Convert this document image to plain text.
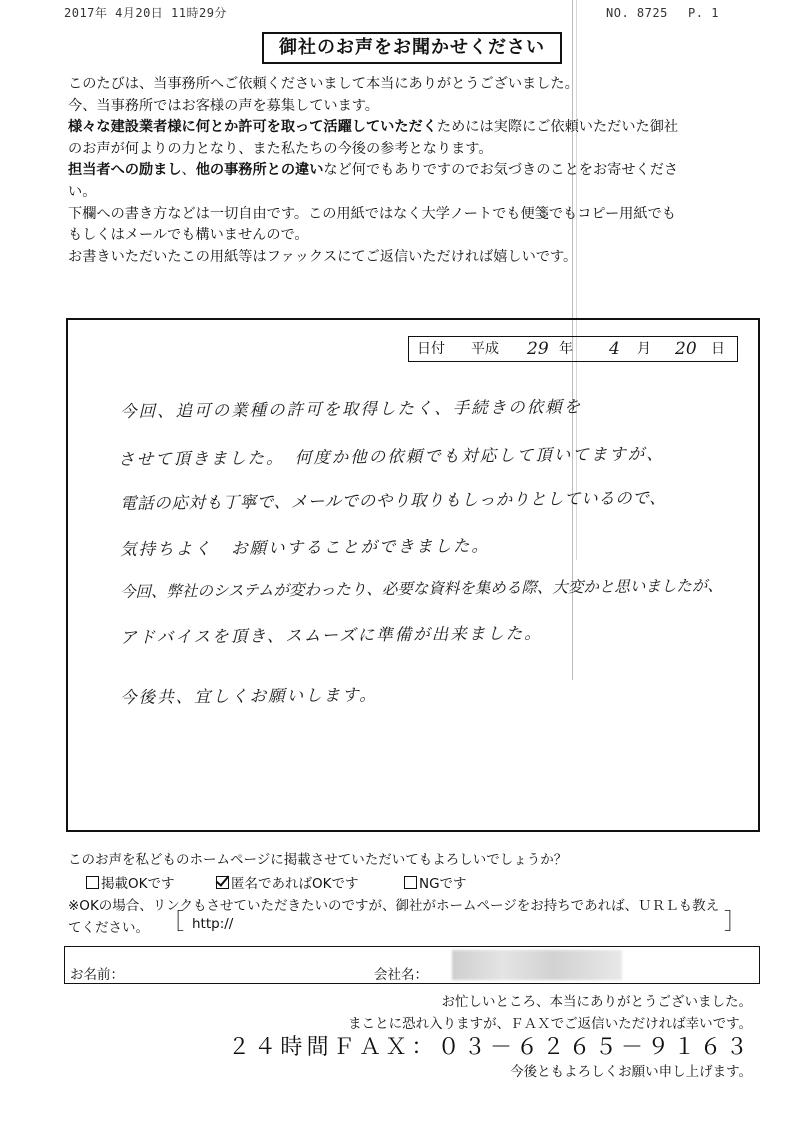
2017年 4月20日 11時29分	NO. 8725　 P. 1
御社のお声をお聞かせください

このたびは、当事務所へご依頼くださいまして本当にありがとうございました。

今、当事務所ではお客様の声を募集しています。

様々な建設業者様に何とか許可を取って活躍していただくためには実際にご依頼いただいた御社

のお声が何よりの力となり、また私たちの今後の参考となります。

担当者への励まし、他の事務所との違いなど何でもありですのでお気づきのことをお寄せくださ

い。

下欄への書き方などは一切自由です。この用紙ではなく大学ノートでも便箋でもコピー用紙でも

もしくはメールでも構いませんので。

お書きいただいたこの用紙等はファックスにてご返信いただければ嬉しいです。

日付 平成 29 年 4 月 20 日
今回、追可の業種の許可を取得したく、手続きの依頼を
させて頂きました。　何度か他の依頼でも対応して頂いてますが、
電話の応対も丁寧で、メールでのやり取りもしっかりとしているので、
気持ちよく　お願いすることができました。
今回、弊社のシステムが変わったり、必要な資料を集める際、大変かと思いましたが、
アドバイスを頂き、スムーズに準備が出来ました。
今後共、宜しくお願いします。
このお声を私どものホームページに掲載させていただいてもよろしいでしょうか？
掲載OKです	匿名であればOKです	NGです
※OKの場合、リンクもさせていただきたいのですが、御社がホームページをお持ちであれば、ＵＲＬも教え
てください。 ［ http://	］
お名前：	会社名：
お忙しいところ、本当にありがとうございました。
まことに恐れ入りますが、ＦＡＸでご返信いただければ幸いです。
２４時間ＦＡＸ：０３－６２６５－９１６３
今後ともよろしくお願い申し上げます。
